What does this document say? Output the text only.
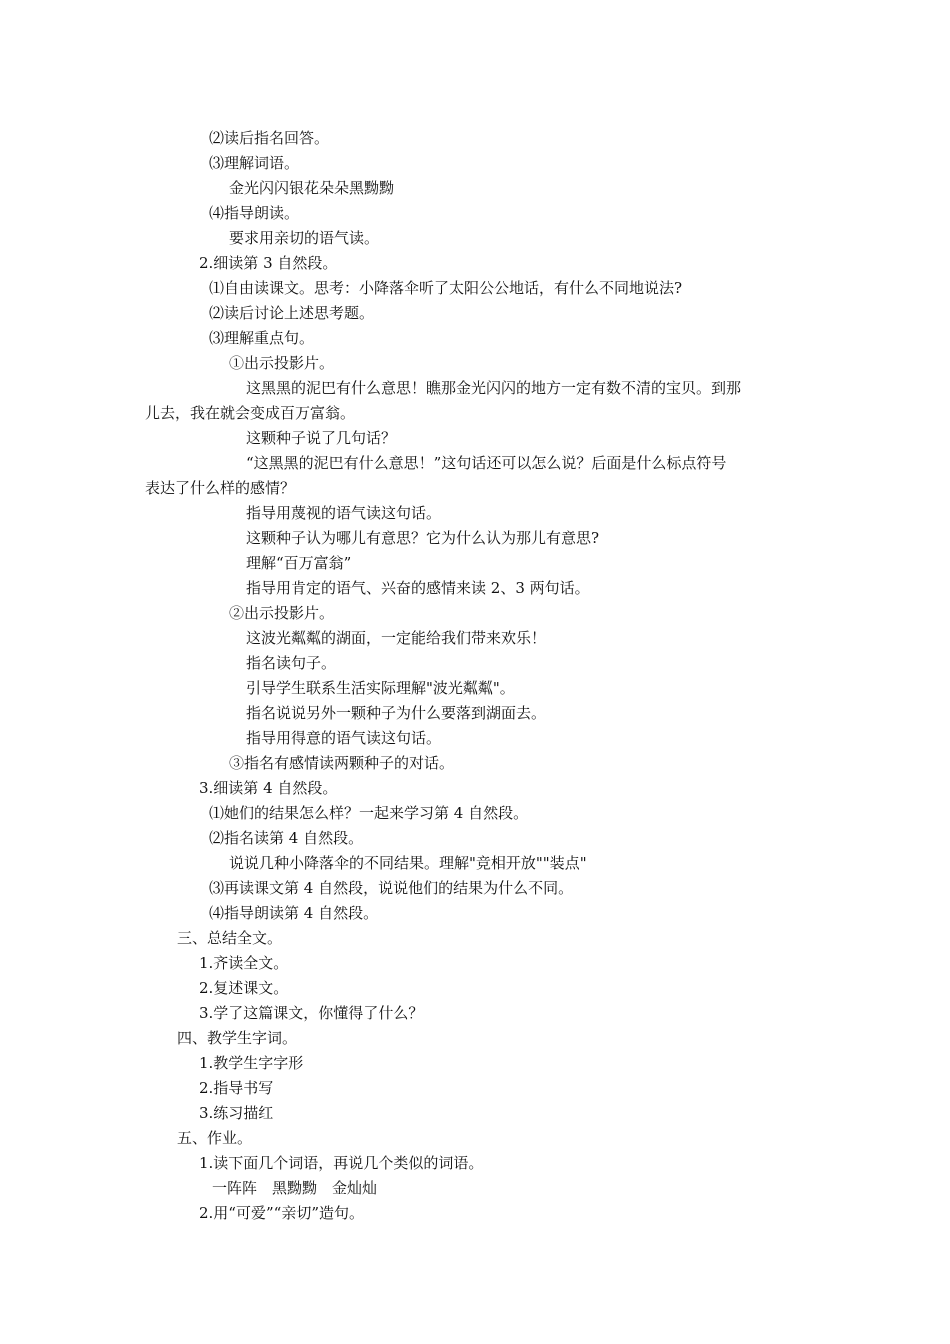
⑵读后指名回答。
⑶理解词语。
金光闪闪银花朵朵黑黝黝
⑷指导朗读。
要求用亲切的语气读。
2.细读第 3 自然段。
⑴自由读课文。思考：小降落伞听了太阳公公地话，有什么不同地说法?
⑵读后讨论上述思考题。
⑶理解重点句。
①出示投影片。
这黑黑的泥巴有什么意思！瞧那金光闪闪的地方一定有数不清的宝贝。到那
儿去，我在就会变成百万富翁。
这颗种子说了几句话？
“这黑黑的泥巴有什么意思！”这句话还可以怎么说？后面是什么标点符号
表达了什么样的感情？
指导用蔑视的语气读这句话。
这颗种子认为哪儿有意思？它为什么认为那儿有意思?
理解“百万富翁”
指导用肯定的语气、兴奋的感情来读 2、3 两句话。
②出示投影片。
这波光粼粼的湖面，一定能给我们带来欢乐！
指名读句子。
引导学生联系生活实际理解"波光粼粼"。
指名说说另外一颗种子为什么要落到湖面去。
指导用得意的语气读这句话。
③指名有感情读两颗种子的对话。
3.细读第 4 自然段。
⑴她们的结果怎么样？一起来学习第 4 自然段。
⑵指名读第 4 自然段。
说说几种小降落伞的不同结果。理解"竞相开放""装点"
⑶再读课文第 4 自然段，说说他们的结果为什么不同。
⑷指导朗读第 4 自然段。
三、总结全文。
1.齐读全文。
2.复述课文。
3.学了这篇课文，你懂得了什么？
四、教学生字词。
1.教学生字字形
2.指导书写
3.练习描红
五、作业。
1.读下面几个词语，再说几个类似的词语。
一阵阵　黑黝黝　金灿灿
2.用“可爱”“亲切”造句。
